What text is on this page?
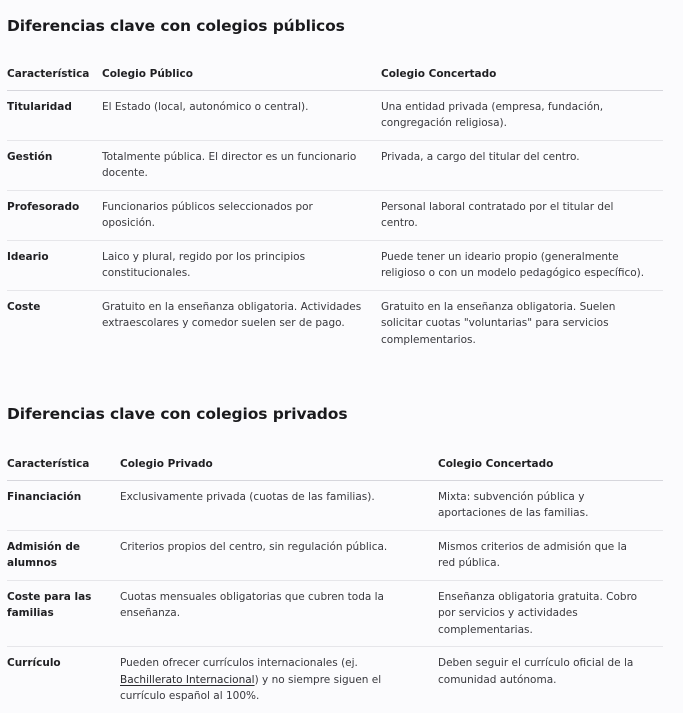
Diferencias clave con colegios públicos
Característica	Colegio Público	Colegio Concertado
Titularidad	El Estado (local, autonómico o central).	Una entidad privada (empresa, fundación, congregación religiosa).
Gestión	Totalmente pública. El director es un funcionario docente.	Privada, a cargo del titular del centro.
Profesorado	Funcionarios públicos seleccionados por oposición.	Personal laboral contratado por el titular del centro.
Ideario	Laico y plural, regido por los principios constitucionales.	Puede tener un ideario propio (generalmente religioso o con un modelo pedagógico específico).
Coste	Gratuito en la enseñanza obligatoria. Actividades extraescolares y comedor suelen ser de pago.	Gratuito en la enseñanza obligatoria. Suelen solicitar cuotas "voluntarias" para servicios complementarios.
Diferencias clave con colegios privados
Característica	Colegio Privado	Colegio Concertado
Financiación	Exclusivamente privada (cuotas de las familias).	Mixta: subvención pública y aportaciones de las familias.
Admisión de alumnos	Criterios propios del centro, sin regulación pública.	Mismos criterios de admisión que la red pública.
Coste para las familias	Cuotas mensuales obligatorias que cubren toda la enseñanza.	Enseñanza obligatoria gratuita. Cobro por servicios y actividades complementarias.
Currículo	Pueden ofrecer currículos internacionales (ej. Bachillerato Internacional) y no siempre siguen el currículo español al 100%.	Deben seguir el currículo oficial de la comunidad autónoma.
